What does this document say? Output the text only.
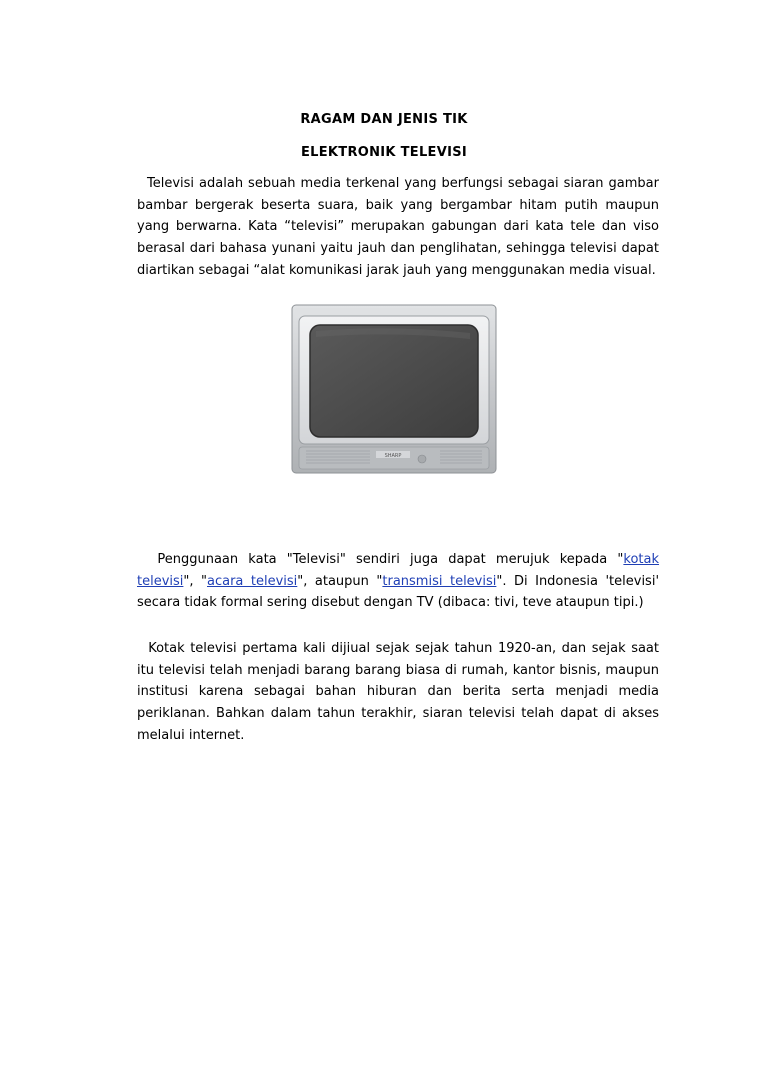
RAGAM DAN JENIS TIK
ELEKTRONIK TELEVISI

Televisi adalah sebuah media terkenal yang berfungsi sebagai siaran gambar bambar bergerak beserta suara, baik yang bergambar hitam putih maupun yang berwarna. Kata “televisi” merupakan gabungan dari kata tele dan viso berasal dari bahasa yunani yaitu jauh dan penglihatan, sehingga televisi dapat diartikan sebagai “alat komunikasi jarak jauh yang menggunakan media visual.

SHARP

Penggunaan kata "Televisi" sendiri juga dapat merujuk kepada "kotak televisi", "acara televisi", ataupun "transmisi televisi". Di Indonesia 'televisi' secara tidak formal sering disebut dengan TV (dibaca: tivi, teve ataupun tipi.)

Kotak televisi pertama kali dijiual sejak sejak tahun 1920-an, dan sejak saat itu televisi telah menjadi barang barang biasa di rumah, kantor bisnis, maupun institusi karena sebagai bahan hiburan dan berita serta menjadi media periklanan. Bahkan dalam tahun terakhir, siaran televisi telah dapat di akses melalui internet.
